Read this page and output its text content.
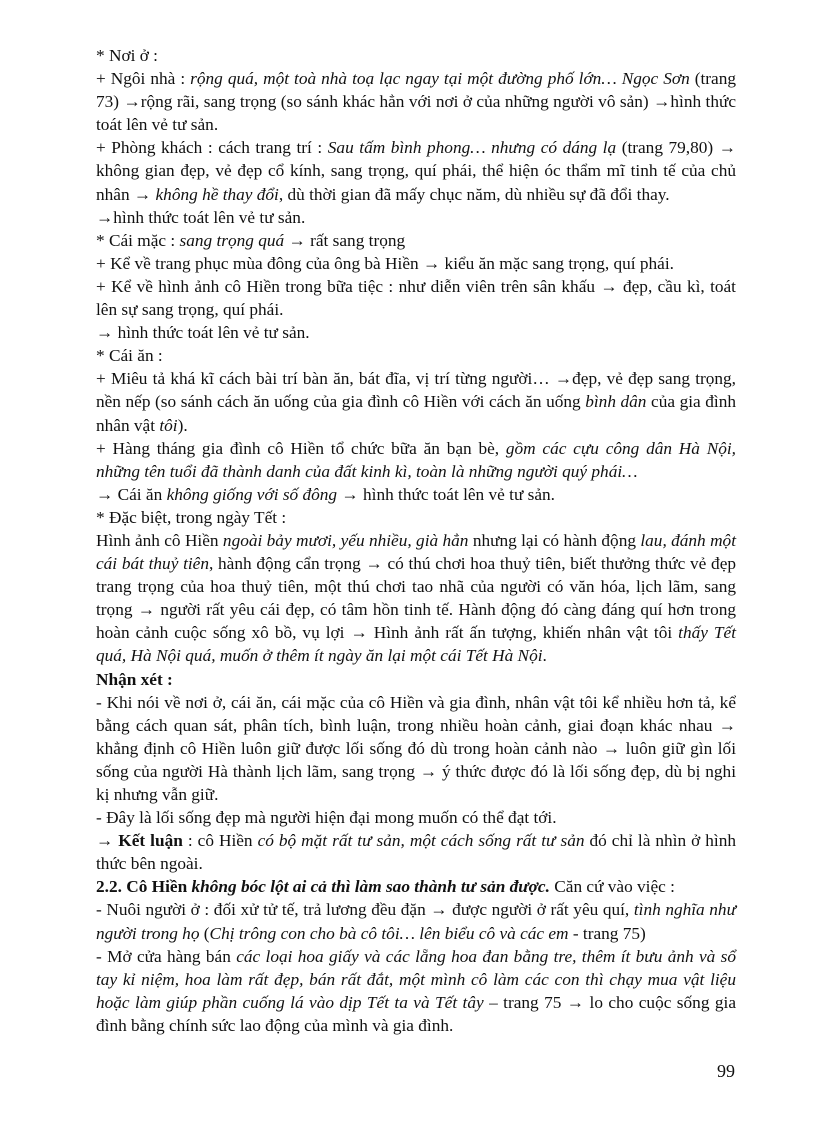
* Nơi ở :

+ Ngôi nhà : rộng quá, một toà nhà toạ lạc ngay tại một đường phố lớn… Ngọc Sơn (trang 73) →rộng rãi, sang trọng (so sánh khác hẳn với nơi ở của những người vô sản) →hình thức toát lên vẻ tư sản.

+ Phòng khách : cách trang trí : Sau tấm bình phong… nhưng có dáng lạ (trang 79,80) → không gian đẹp, vẻ đẹp cổ kính, sang trọng, quí phái, thể hiện óc thẩm mĩ tinh tế của chủ nhân → không hề thay đổi, dù thời gian đã mấy chục năm, dù nhiều sự đã đổi thay.

→hình thức toát lên vẻ tư sản.

* Cái mặc : sang trọng quá → rất sang trọng

+ Kể về trang phục mùa đông của ông bà Hiền → kiểu ăn mặc sang trọng, quí phái.

+ Kể về hình ảnh cô Hiền trong bữa tiệc : như diễn viên trên sân khấu → đẹp, cầu kì, toát lên sự sang trọng, quí phái.

→ hình thức toát lên vẻ tư sản.

* Cái ăn :

+ Miêu tả khá kĩ cách bài trí bàn ăn, bát đĩa, vị trí từng người… →đẹp, vẻ đẹp sang trọng, nền nếp (so sánh cách ăn uống của gia đình cô Hiền với cách ăn uống bình dân của gia đình nhân vật tôi).

+ Hàng tháng gia đình cô Hiền tổ chức bữa ăn bạn bè, gồm các cựu công dân Hà Nội, những tên tuổi đã thành danh của đất kinh kì, toàn là những người quý phái…

→ Cái ăn không giống với số đông → hình thức toát lên vẻ tư sản.

* Đặc biệt, trong ngày Tết :

Hình ảnh cô Hiền ngoài bảy mươi, yếu nhiều, già hẳn nhưng lại có hành động lau, đánh một cái bát thuỷ tiên, hành động cẩn trọng → có thú chơi hoa thuỷ tiên, biết thưởng thức vẻ đẹp trang trọng của hoa thuỷ tiên, một thú chơi tao nhã của người có văn hóa, lịch lãm, sang trọng → người rất yêu cái đẹp, có tâm hồn tinh tế. Hành động đó càng đáng quí hơn trong hoàn cảnh cuộc sống xô bồ, vụ lợi → Hình ảnh rất ấn tượng, khiến nhân vật tôi thấy Tết quá, Hà Nội quá, muốn ở thêm ít ngày ăn lại một cái Tết Hà Nội.

Nhận xét :

- Khi nói về nơi ở, cái ăn, cái mặc của cô Hiền và gia đình, nhân vật tôi kể nhiều hơn tả, kể bằng cách quan sát, phân tích, bình luận, trong nhiều hoàn cảnh, giai đoạn khác nhau → khẳng định cô Hiền luôn giữ được lối sống đó dù trong hoàn cảnh nào → luôn giữ gìn lối sống của người Hà thành lịch lãm, sang trọng → ý thức được đó là lối sống đẹp, dù bị nghi kị nhưng vẫn giữ.

- Đây là lối sống đẹp mà người hiện đại mong muốn có thể đạt tới.

→ Kết luận : cô Hiền có bộ mặt rất tư sản, một cách sống rất tư sản đó chỉ là nhìn ở hình thức bên ngoài.

2.2. Cô Hiền không bóc lột ai cả thì làm sao thành tư sản được. Căn cứ vào việc :

- Nuôi người ở : đối xử tử tế, trả lương đều đặn → được người ở rất yêu quí, tình nghĩa như người trong họ (Chị trông con cho bà cô tôi… lên biểu cô và các em - trang 75)

- Mở cửa hàng bán các loại hoa giấy và các lẵng hoa đan bằng tre, thêm ít bưu ảnh và sổ tay kỉ niệm, hoa làm rất đẹp, bán rất đắt, một mình cô làm các con thì chạy mua vật liệu hoặc làm giúp phần cuống lá vào dịp Tết ta và Tết tây – trang 75 → lo cho cuộc sống gia đình bằng chính sức lao động của mình và gia đình.

99
